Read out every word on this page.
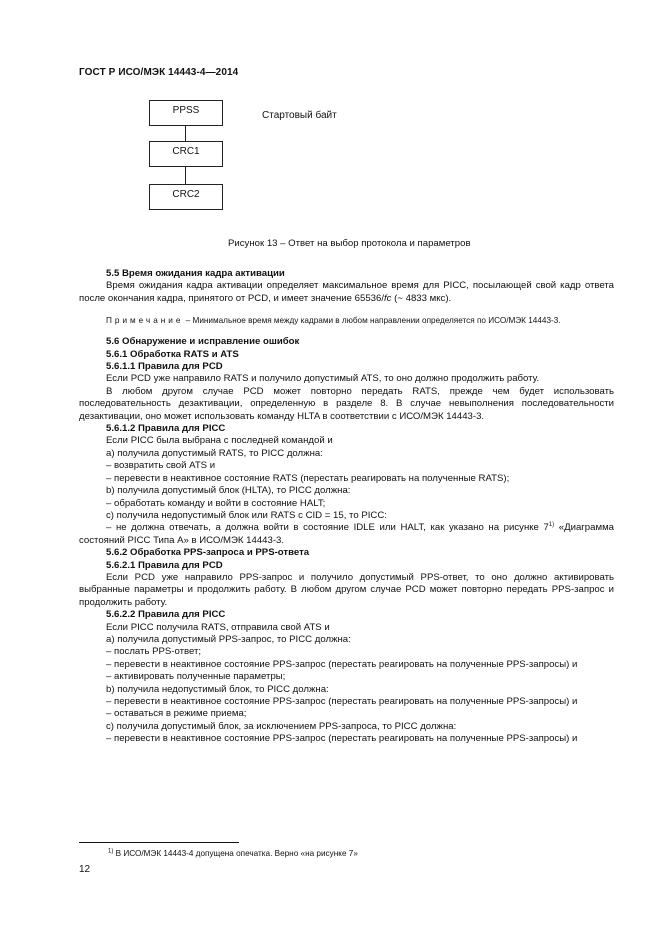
ГОСТ Р ИСО/МЭК 14443-4—2014
PPSS
CRC1
CRC2
Стартовый байт
Рисунок 13 – Ответ на выбор протокола и параметров

5.5 Время ожидания кадра активации

Время ожидания кадра активации определяет максимальное время для PICC, посылающей свой кадр ответа после окончания кадра, принятого от PCD, и имеет значение 65536/fc (~ 4833 мкс).

Примечание – Минимальное время между кадрами в любом направлении определяется по ИСО/МЭК 14443-3.

5.6 Обнаружение и исправление ошибок

5.6.1 Обработка RATS и ATS

5.6.1.1 Правила для PCD

Если PCD уже направило RATS и получило допустимый ATS, то оно должно продолжить работу.

В любом другом случае PCD может повторно передать RATS, прежде чем будет использовать последовательность дезактивации, определенную в разделе 8. В случае невыполнения последовательности дезактивации, оно может использовать команду HLTA в соответствии с ИСО/МЭК 14443-3.

5.6.1.2 Правила для PICC

Если PICC была выбрана с последней командой и

а) получила допустимый RATS, то PICC должна:

– возвратить свой ATS и

– перевести в неактивное состояние RATS (перестать реагировать на полученные RATS);

b) получила допустимый блок (HLTA), то PICC должна:

– обработать команду и войти в состояние HALT;

с) получила недопустимый блок или RATS с CID = 15, то PICC:

– не должна отвечать, а должна войти в состояние IDLE или HALT, как указано на рисунке 7$^{1)}$ «Диаграмма состояний PICC Типа А» в ИСО/МЭК 14443-3.

5.6.2 Обработка PPS-запроса и PPS-ответа

5.6.2.1 Правила для PCD

Если PCD уже направило PPS-запрос и получило допустимый PPS-ответ, то оно должно активировать выбранные параметры и продолжить работу. В любом другом случае PCD может повторно передать PPS-запрос и продолжить работу.

5.6.2.2 Правила для PICC

Если PICC получила RATS, отправила свой ATS и

а) получила допустимый PPS-запрос, то PICC должна:

– послать PPS-ответ;

– перевести в неактивное состояние PPS-запрос (перестать реагировать на полученные PPS-запросы) и

– активировать полученные параметры;

b) получила недопустимый блок, то PICC должна:

– перевести в неактивное состояние PPS-запрос (перестать реагировать на полученные PPS-запросы) и

– оставаться в режиме приема;

с) получила допустимый блок, за исключением PPS-запроса, то PICC должна:

– перевести в неактивное состояние PPS-запрос (перестать реагировать на полученные PPS-запросы) и

$^{1)}$ В ИСО/МЭК 14443-4 допущена опечатка. Верно «на рисунке 7»
12
